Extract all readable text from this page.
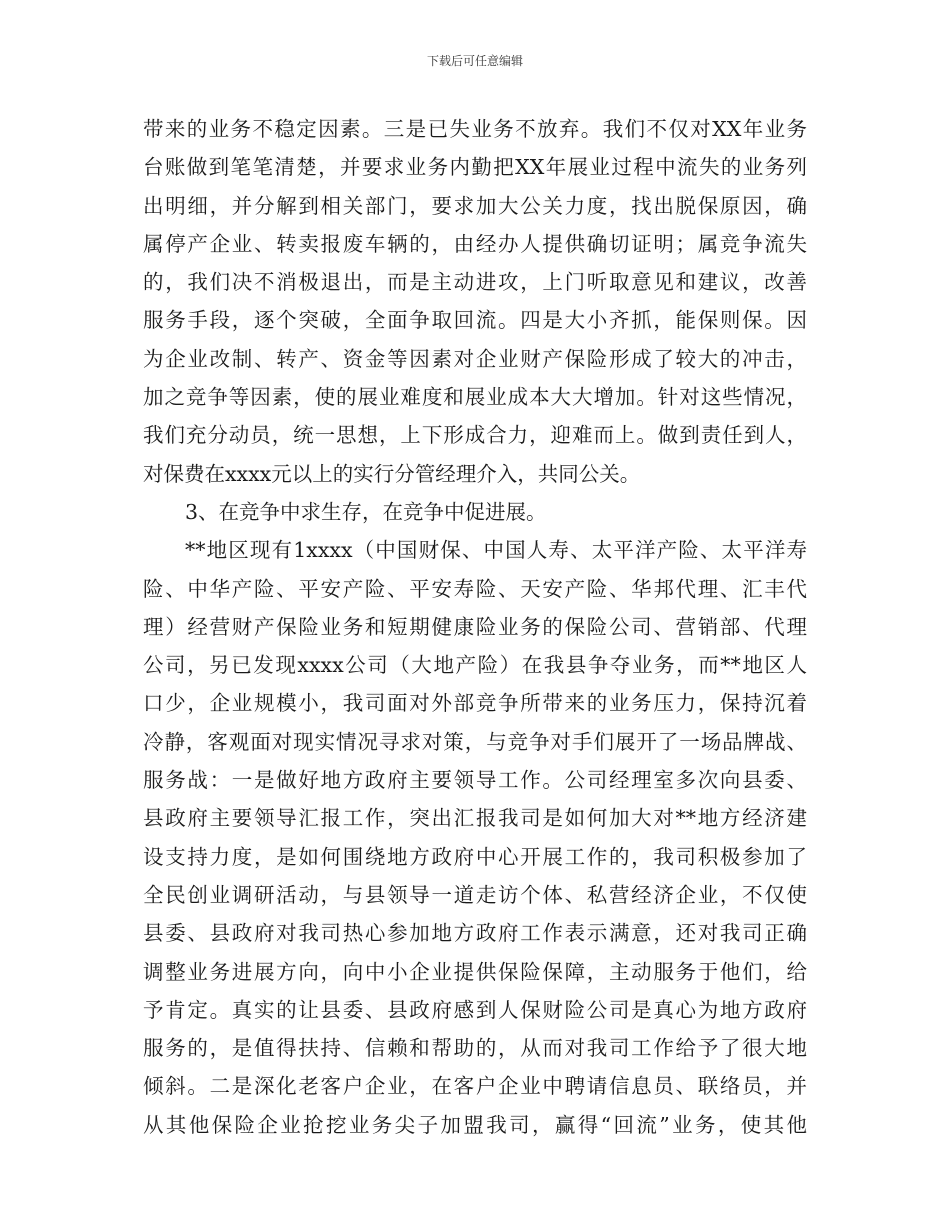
下载后可任意编辑
带来的业务不稳定因素。三是已失业务不放弃。我们不仅对XX年业务
台账做到笔笔清楚，并要求业务内勤把XX年展业过程中流失的业务列
出明细，并分解到相关部门，要求加大公关力度，找出脱保原因，确
属停产企业、转卖报废车辆的，由经办人提供确切证明；属竞争流失
的，我们决不消极退出，而是主动进攻，上门听取意见和建议，改善
服务手段，逐个突破，全面争取回流。四是大小齐抓，能保则保。因
为企业改制、转产、资金等因素对企业财产保险形成了较大的冲击，
加之竞争等因素，使的展业难度和展业成本大大增加。针对这些情况，
我们充分动员，统一思想，上下形成合力，迎难而上。做到责任到人，
对保费在xxxx元以上的实行分管经理介入，共同公关。
3、在竞争中求生存，在竞争中促进展。
**地区现有1xxxx（中国财保、中国人寿、太平洋产险、太平洋寿
险、中华产险、平安产险、平安寿险、天安产险、华邦代理、汇丰代
理）经营财产保险业务和短期健康险业务的保险公司、营销部、代理
公司，另已发现xxxx公司（大地产险）在我县争夺业务，而**地区人
口少，企业规模小，我司面对外部竞争所带来的业务压力，保持沉着
冷静，客观面对现实情况寻求对策，与竞争对手们展开了一场品牌战、
服务战：一是做好地方政府主要领导工作。公司经理室多次向县委、
县政府主要领导汇报工作，突出汇报我司是如何加大对**地方经济建
设支持力度，是如何围绕地方政府中心开展工作的，我司积极参加了
全民创业调研活动，与县领导一道走访个体、私营经济企业，不仅使
县委、县政府对我司热心参加地方政府工作表示满意，还对我司正确
调整业务进展方向，向中小企业提供保险保障，主动服务于他们，给
予肯定。真实的让县委、县政府感到人保财险公司是真心为地方政府
服务的，是值得扶持、信赖和帮助的，从而对我司工作给予了很大地
倾斜。二是深化老客户企业，在客户企业中聘请信息员、联络员，并
从其他保险企业抢挖业务尖子加盟我司，赢得“回流”业务，使其他
